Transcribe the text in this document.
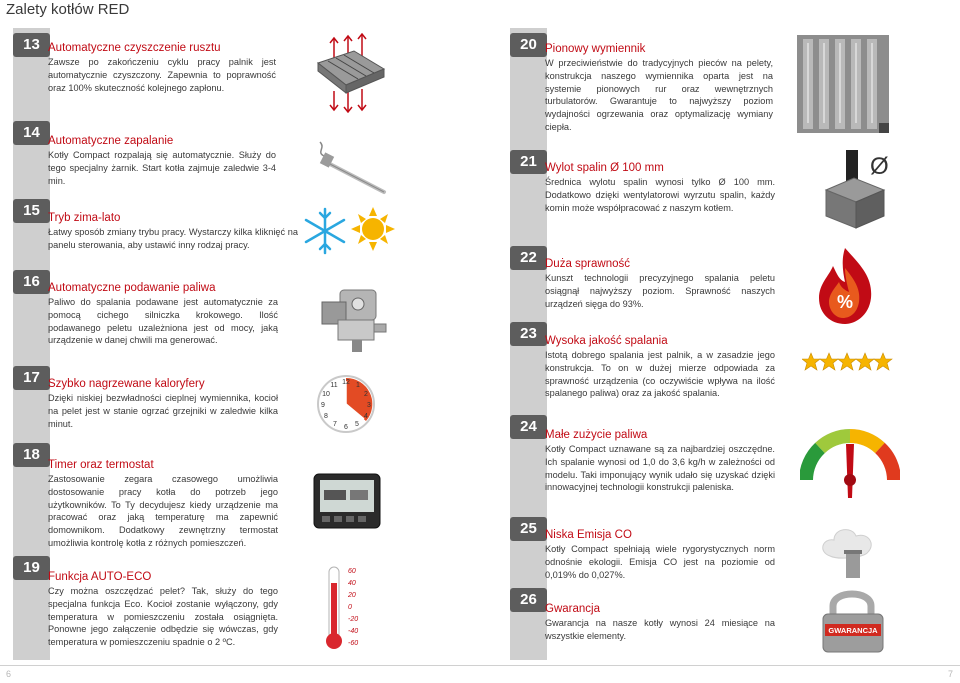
Zalety kotłów RED
13
14
15
16
17
18
19
20
21
22
23
24
25
26
Automatyczne czyszczenie rusztu
Zawsze po zakończeniu cyklu pracy palnik jest automatycznie czyszczony. Zapewnia to poprawność oraz 100% skuteczność kolejnego zapłonu.
Automatyczne zapalanie
Kotły Compact rozpalają się automatycznie. Służy do tego specjalny żarnik. Start kotła zajmuje zaledwie 3-4 min.
Tryb zima-lato
Łatwy sposób zmiany trybu pracy. Wystarczy kilka kliknięć na panelu sterowania, aby ustawić inny rodzaj pracy.
Automatyczne podawanie paliwa
Paliwo do spalania podawane jest automatycznie za pomocą cichego silniczka krokowego. Ilość podawanego peletu uzależniona jest od mocy, jaką urządzenie w danej chwili ma generować.
Szybko nagrzewane kaloryfery
Dzięki niskiej bezwładności cieplnej wymiennika, kocioł na pelet jest w stanie ogrzać grzejniki w zaledwie kilka minut.
Timer oraz termostat
Zastosowanie zegara czasowego umożliwia dostosowanie pracy kotła do potrzeb jego użytkowników. To Ty decydujesz kiedy urządzenie ma pracować oraz jaką temperaturę ma zapewnić domownikom. Dodatkowy zewnętrzny termostat umożliwia kontrolę kotła z różnych pomieszczeń.
Funkcja AUTO-ECO
Czy można oszczędzać pelet? Tak, służy do tego specjalna funkcja Eco. Kocioł zostanie wyłączony, gdy temperatura w pomieszczeniu została osiągnięta. Ponowne jego załączenie odbędzie się wówczas, gdy temperatura w pomieszczeniu spadnie o 2 ºC.
Pionowy wymiennik
W przeciwieństwie do tradycyjnych pieców na pelety, konstrukcja naszego wymiennika oparta jest na systemie pionowych rur oraz wewnętrznych turbulatorów. Gwarantuje to najwyższy poziom wydajności ogrzewania oraz optymalizację wymiany ciepła.
Wylot spalin Ø 100 mm
Średnica wylotu spalin wynosi tylko Ø 100 mm. Dodatkowo dzięki wentylatorowi wyrzutu spalin, każdy komin może współpracować z naszym kotłem.
Duża sprawność
Kunszt technologii precyzyjnego spalania peletu osiągnął najwyższy poziom. Sprawność naszych urządzeń sięga do 93%.
Wysoka jakość spalania
Istotą dobrego spalania jest palnik, a w zasadzie jego konstrukcja. To on w dużej mierze odpowiada za sprawność urządzenia (co oczywiście wpływa na ilość spalanego paliwa) oraz za jakość spalania.
Małe zużycie paliwa
Kotły Compact uznawane są za najbardziej oszczędne. Ich spalanie wynosi od 1,0 do 3,6 kg/h w zależności od modelu. Taki imponujący wynik udało się uzyskać dzięki innowacyjnej technologii konstrukcji paleniska.
Niska Emisja CO
Kotły Compact spełniają wiele rygorystycznych norm odnośnie ekologii. Emisja CO jest na poziomie od 0,019% do 0,027%.
Gwarancja
Gwarancja na nasze kotły wynosi 24 miesiące na wszystkie elementy.
12 1
2
3
4
5
6
7
8
9
10
11
60
40
20
0
-20
-40
-60
Ø
%
GWARANCJA
6	7
